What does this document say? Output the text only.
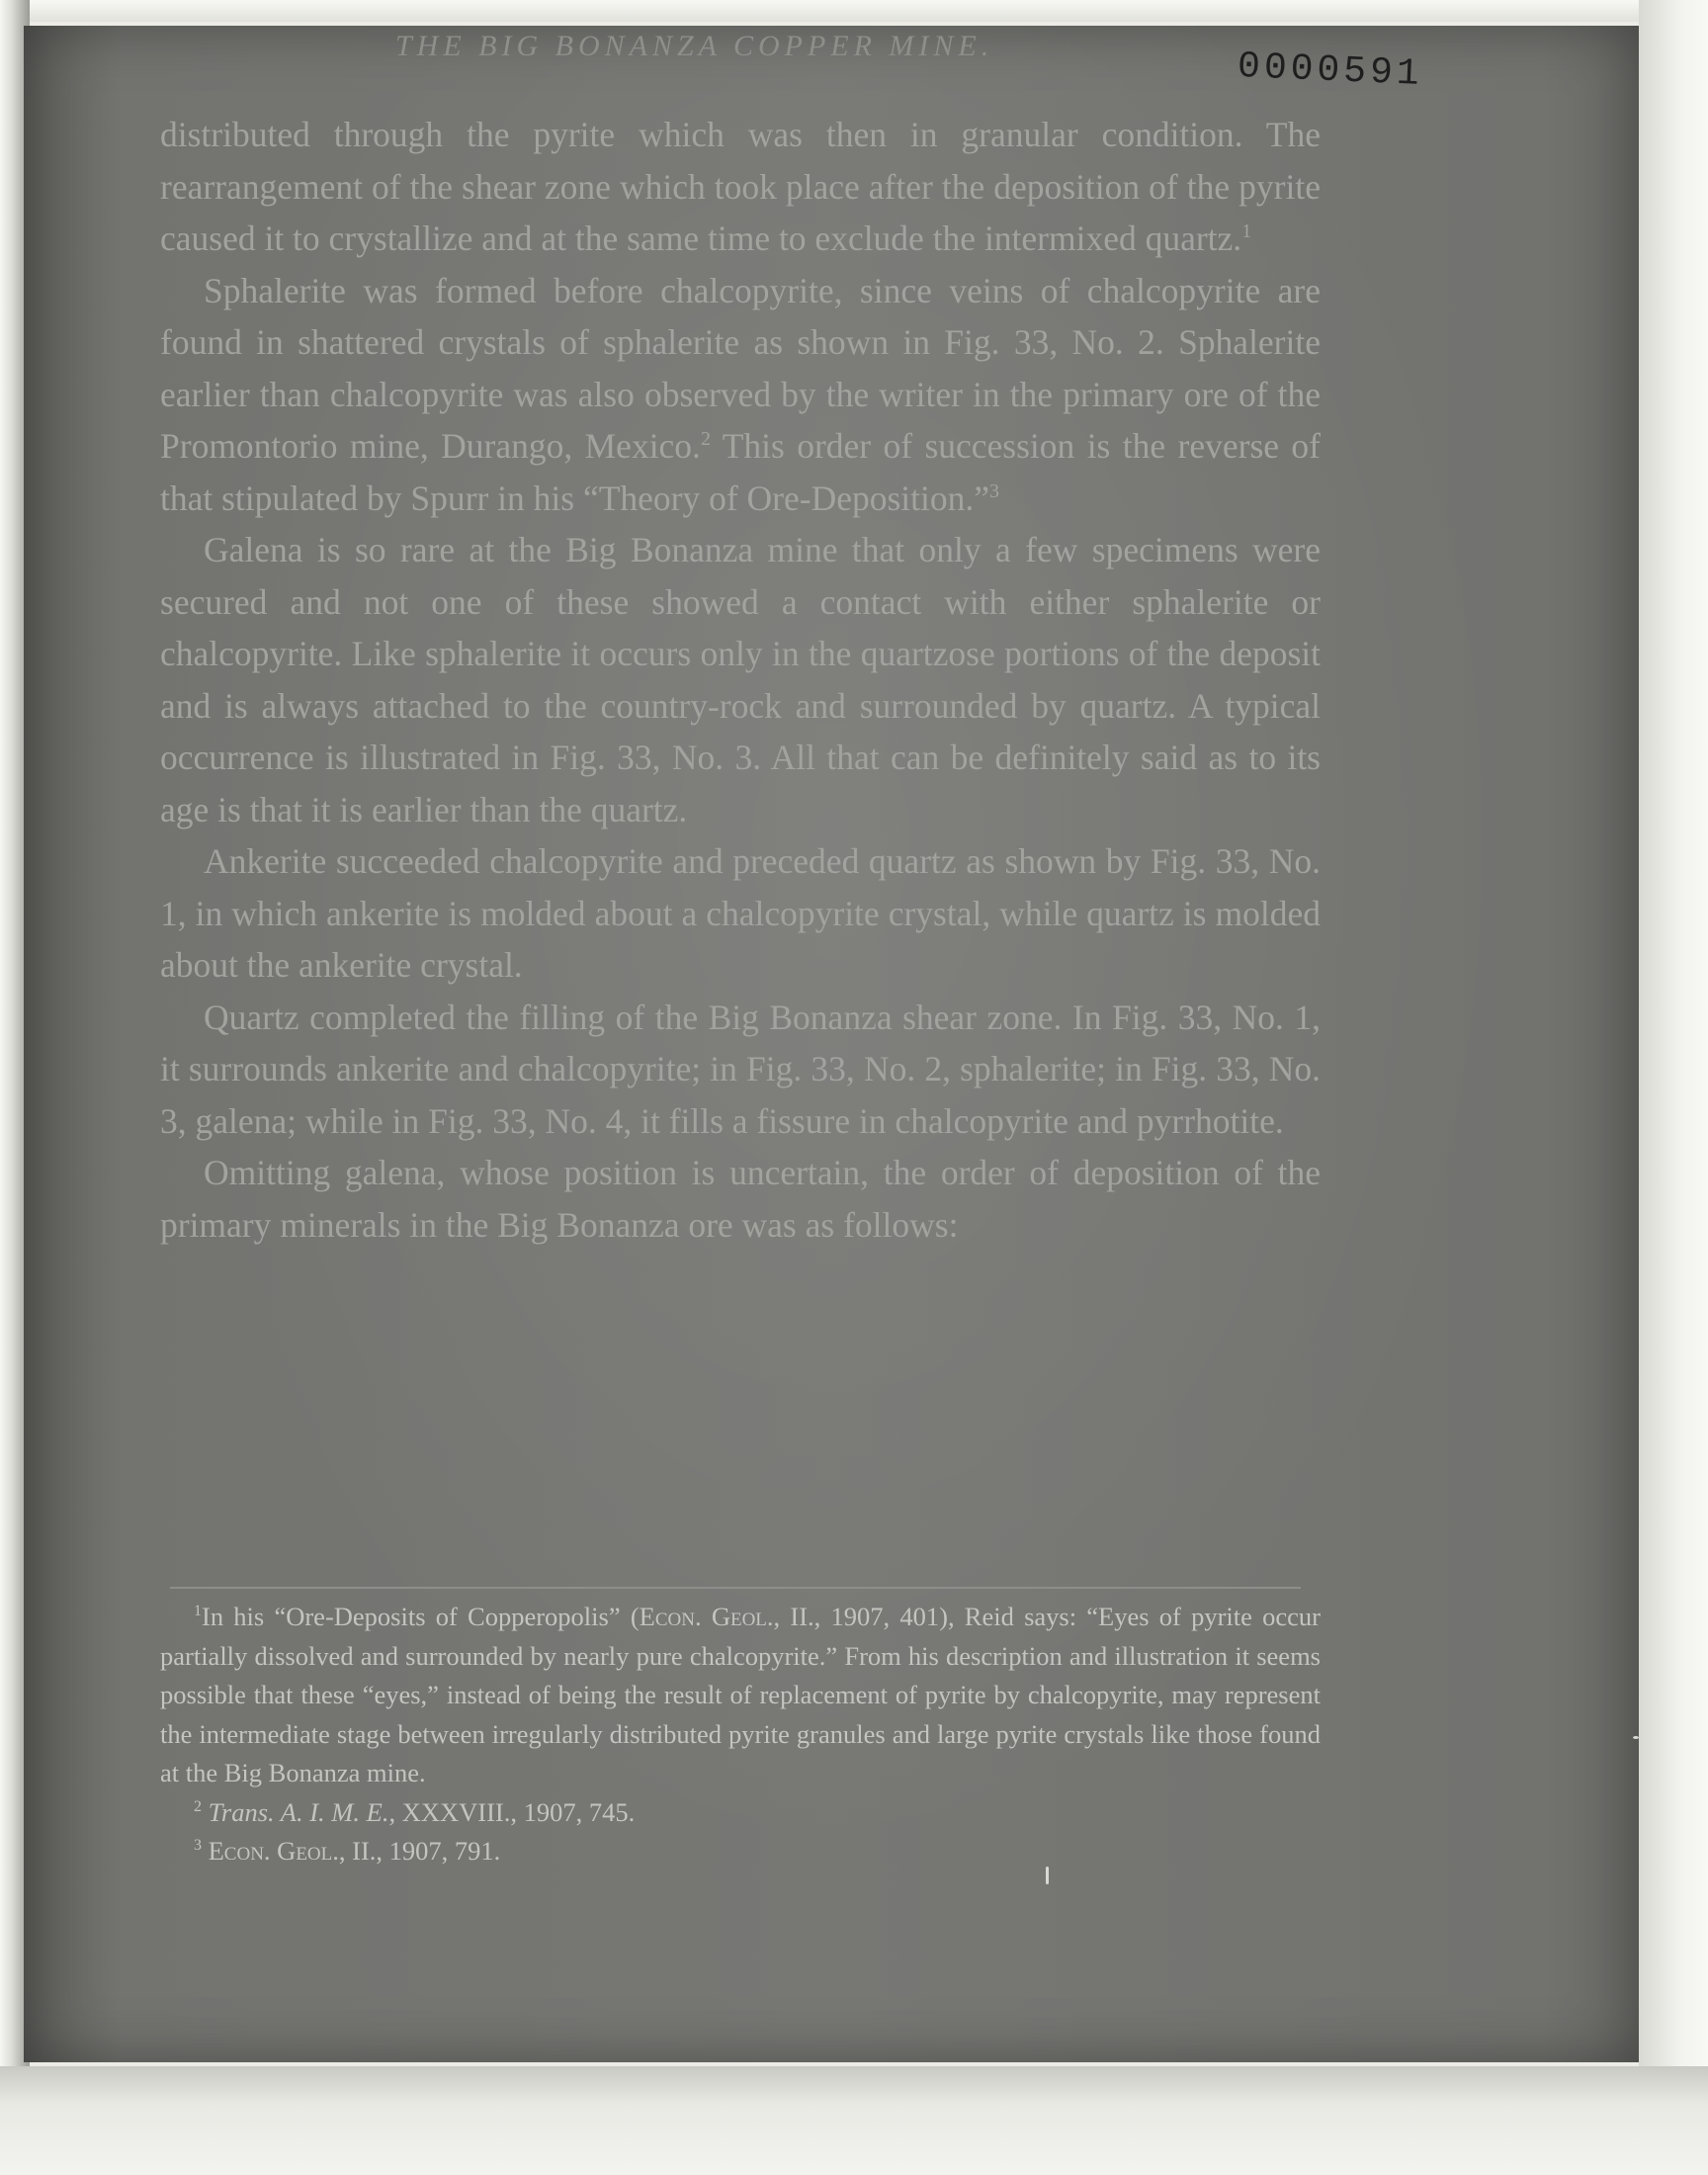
THE BIG BONANZA COPPER MINE.	0000591

distributed through the pyrite which was then in granular condition. The rearrangement of the shear zone which took place after the deposition of the pyrite caused it to crystallize and at the same time to exclude the intermixed quartz.$^1$

Sphalerite was formed before chalcopyrite, since veins of chalcopyrite are found in shattered crystals of sphalerite as shown in Fig. 33, No. 2. Sphalerite earlier than chalcopyrite was also observed by the writer in the primary ore of the Promontorio mine, Durango, Mexico.$^2$ This order of succession is the reverse of that stipulated by Spurr in his “Theory of Ore-Deposition.”$^3$

Galena is so rare at the Big Bonanza mine that only a few specimens were secured and not one of these showed a contact with either sphalerite or chalcopyrite. Like sphalerite it occurs only in the quartzose portions of the deposit and is always attached to the country-rock and surrounded by quartz. A typical occurrence is illustrated in Fig. 33, No. 3. All that can be definitely said as to its age is that it is earlier than the quartz.

Ankerite succeeded chalcopyrite and preceded quartz as shown by Fig. 33, No. 1, in which ankerite is molded about a chalcopyrite crystal, while quartz is molded about the ankerite crystal.

Quartz completed the filling of the Big Bonanza shear zone. In Fig. 33, No. 1, it surrounds ankerite and chalcopyrite; in Fig. 33, No. 2, sphalerite; in Fig. 33, No. 3, galena; while in Fig. 33, No. 4, it fills a fissure in chalcopyrite and pyrrhotite.

Omitting galena, whose position is uncertain, the order of deposition of the primary minerals in the Big Bonanza ore was as follows:

$^1$In his “Ore-Deposits of Copperopolis” (Econ. Geol., II., 1907, 401), Reid says: “Eyes of pyrite occur partially dissolved and surrounded by nearly pure chalcopyrite.” From his description and illustration it seems possible that these “eyes,” instead of being the result of replacement of pyrite by chalcopyrite, may represent the intermediate stage between irregularly distributed pyrite granules and large pyrite crystals like those found at the Big Bonanza mine.

$^2$ Trans. A. I. M. E., XXXVIII., 1907, 745.

$^3$ Econ. Geol., II., 1907, 791.
